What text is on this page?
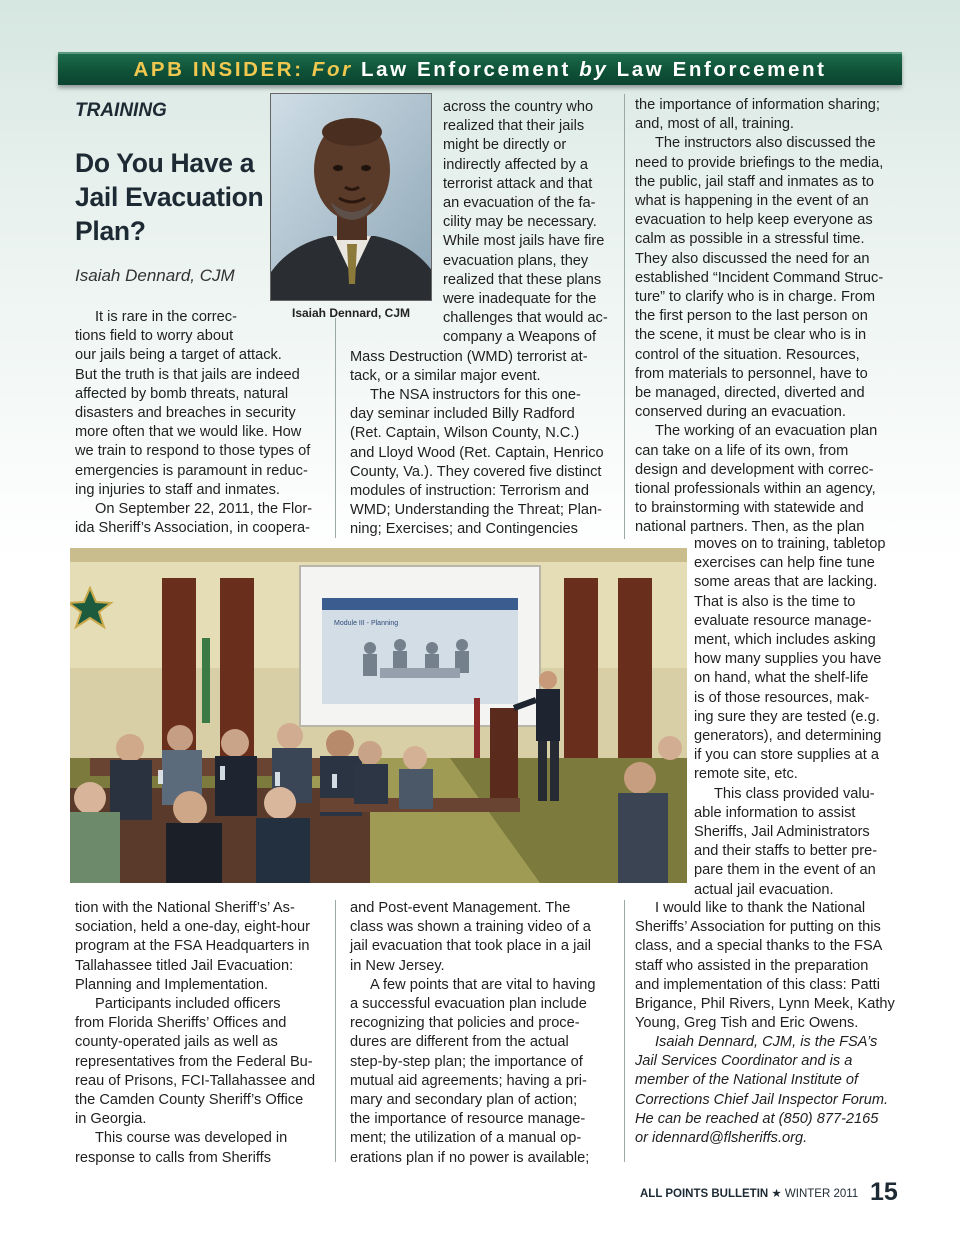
APB INSIDER: For Law Enforcement by Law Enforcement
TRAINING
Do You Have a
Jail Evacuation
Plan?
Isaiah Dennard, CJM
Isaiah Dennard, CJM
It is rare in the correc-
tions field to worry about
our jails being a target of attack.
But the truth is that jails are indeed
affected by bomb threats, natural
disasters and breaches in security
more often that we would like. How
we train to respond to those types of
emergencies is paramount in reduc-
ing injuries to staff and inmates.
On September 22, 2011, the Flor-
ida Sheriff’s Association, in coopera-
across the country who
realized that their jails
might be directly or
indirectly affected by a
terrorist attack and that
an evacuation of the fa-
cility may be necessary.
While most jails have fire
evacuation plans, they
realized that these plans
were inadequate for the
challenges that would ac-
company a Weapons of
Mass Destruction (WMD) terrorist at-
tack, or a similar major event.
The NSA instructors for this one-
day seminar included Billy Radford
(Ret. Captain, Wilson County, N.C.)
and Lloyd Wood (Ret. Captain, Henrico
County, Va.). They covered five distinct
modules of instruction: Terrorism and
WMD; Understanding the Threat; Plan-
ning; Exercises; and Contingencies
the importance of information sharing;
and, most of all, training.
The instructors also discussed the
need to provide briefings to the media,
the public, jail staff and inmates as to
what is happening in the event of an
evacuation to help keep everyone as
calm as possible in a stressful time.
They also discussed the need for an
established “Incident Command Struc-
ture” to clarify who is in charge. From
the first person to the last person on
the scene, it must be clear who is in
control of the situation. Resources,
from materials to personnel, have to
be managed, directed, diverted and
conserved during an evacuation.
The working of an evacuation plan
can take on a life of its own, from
design and development with correc-
tional professionals within an agency,
to brainstorming with statewide and
national partners. Then, as the plan
moves on to training, tabletop
exercises can help fine tune
some areas that are lacking.
That is also is the time to
evaluate resource manage-
ment, which includes asking
how many supplies you have
on hand, what the shelf-life
is of those resources, mak-
ing sure they are tested (e.g.
generators), and determining
if you can store supplies at a
remote site, etc.
This class provided valu-
able information to assist
Sheriffs, Jail Administrators
and their staffs to better pre-
pare them in the event of an
actual jail evacuation.
tion with the National Sheriff’s’ As-
sociation, held a one-day, eight-hour
program at the FSA Headquarters in
Tallahassee titled Jail Evacuation:
Planning and Implementation.
Participants included officers
from Florida Sheriffs’ Offices and
county-operated jails as well as
representatives from the Federal Bu-
reau of Prisons, FCI-Tallahassee and
the Camden County Sheriff’s Office
in Georgia.
This course was developed in
response to calls from Sheriffs
and Post-event Management. The
class was shown a training video of a
jail evacuation that took place in a jail
in New Jersey.
A few points that are vital to having
a successful evacuation plan include
recognizing that policies and proce-
dures are different from the actual
step-by-step plan; the importance of
mutual aid agreements; having a pri-
mary and secondary plan of action;
the importance of resource manage-
ment; the utilization of a manual op-
erations plan if no power is available;
I would like to thank the National
Sheriffs’ Association for putting on this
class, and a special thanks to the FSA
staff who assisted in the preparation
and implementation of this class: Patti
Brigance, Phil Rivers, Lynn Meek, Kathy
Young, Greg Tish and Eric Owens.
Isaiah Dennard, CJM, is the FSA’s
Jail Services Coordinator and is a
member of the National Institute of
Corrections Chief Jail Inspector Forum.
He can be reached at (850) 877-2165
or idennard@flsheriffs.org.
Module III - Planning
ALL POINTS BULLETIN ★ WINTER 2011 15
